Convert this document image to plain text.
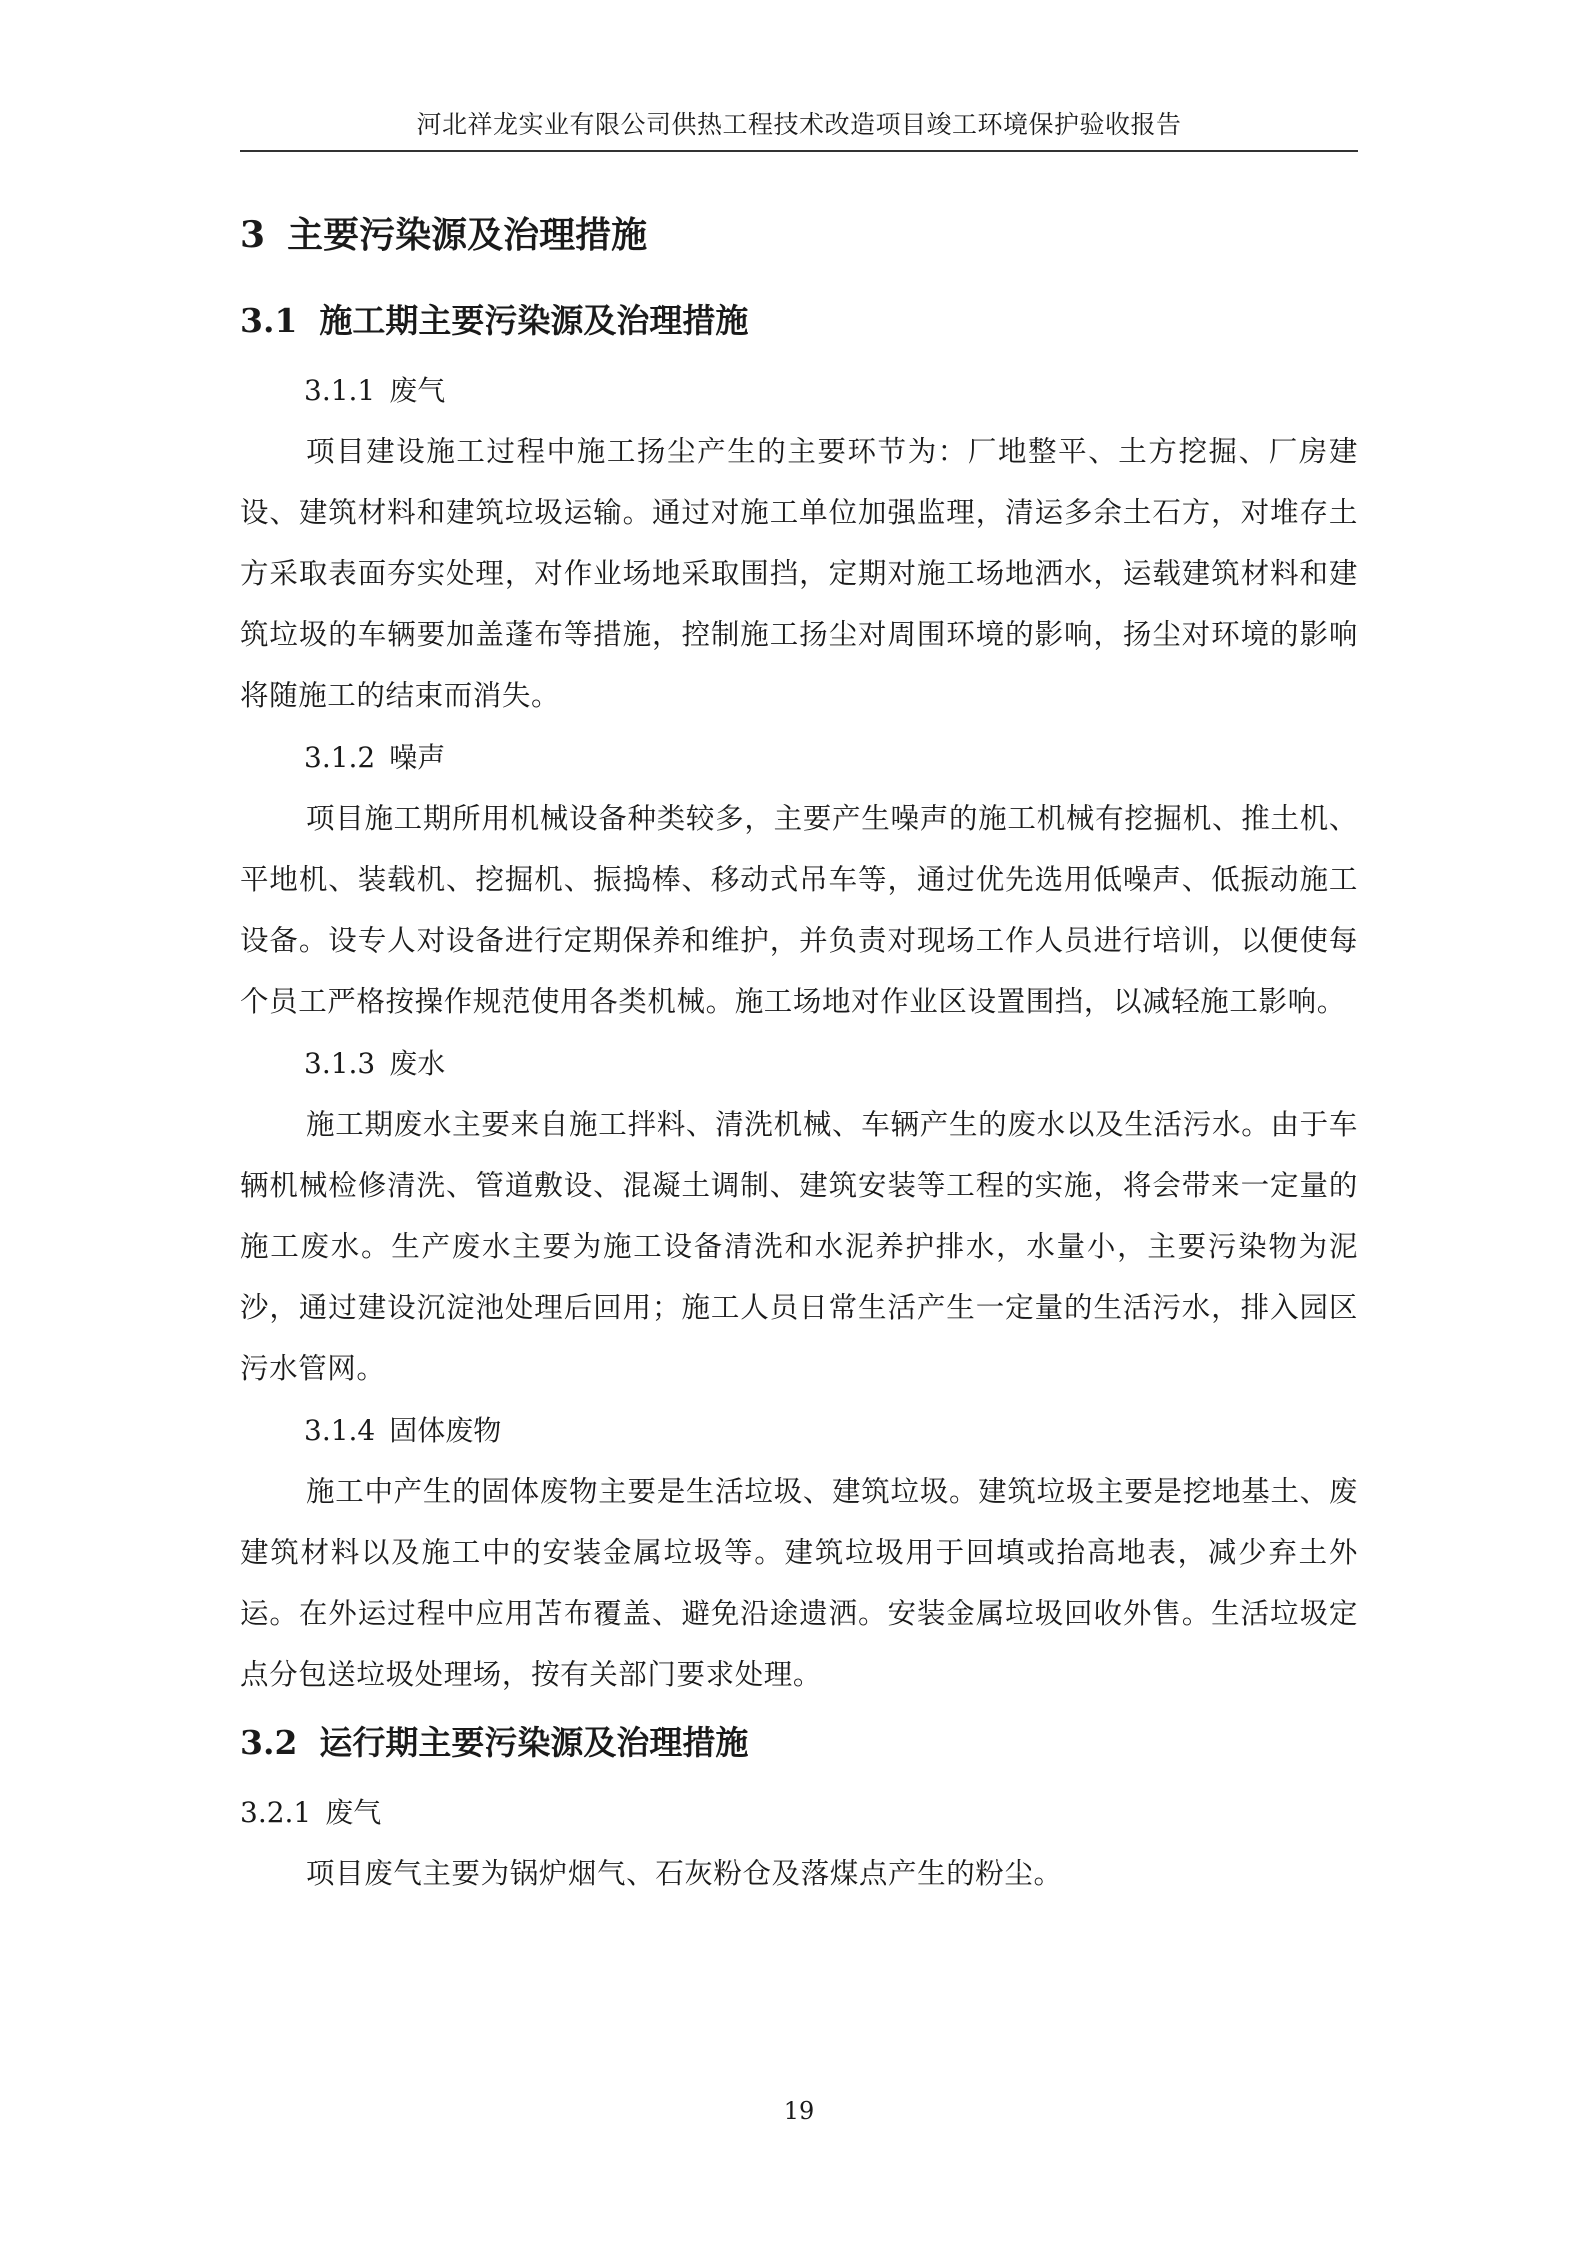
河北祥龙实业有限公司供热工程技术改造项目竣工环境保护验收报告
3 主要污染源及治理措施
3.1 施工期主要污染源及治理措施
3.1.1 废气

项目建设施工过程中施工扬尘产生的主要环节为：厂地整平、土方挖掘、厂房建设、建筑材料和建筑垃圾运输。通过对施工单位加强监理，清运多余土石方，对堆存土方采取表面夯实处理，对作业场地采取围挡，定期对施工场地洒水，运载建筑材料和建筑垃圾的车辆要加盖蓬布等措施，控制施工扬尘对周围环境的影响，扬尘对环境的影响将随施工的结束而消失。

3.1.2 噪声

项目施工期所用机械设备种类较多，主要产生噪声的施工机械有挖掘机、推土机、平地机、装载机、挖掘机、振捣棒、移动式吊车等，通过优先选用低噪声、低振动施工设备。设专人对设备进行定期保养和维护，并负责对现场工作人员进行培训，以便使每个员工严格按操作规范使用各类机械。施工场地对作业区设置围挡，以减轻施工影响。

3.1.3 废水

施工期废水主要来自施工拌料、清洗机械、车辆产生的废水以及生活污水。由于车辆机械检修清洗、管道敷设、混凝土调制、建筑安装等工程的实施，将会带来一定量的施工废水。生产废水主要为施工设备清洗和水泥养护排水，水量小，主要污染物为泥沙，通过建设沉淀池处理后回用；施工人员日常生活产生一定量的生活污水，排入园区污水管网。

3.1.4 固体废物

施工中产生的固体废物主要是生活垃圾、建筑垃圾。建筑垃圾主要是挖地基土、废建筑材料以及施工中的安装金属垃圾等。建筑垃圾用于回填或抬高地表，减少弃土外运。在外运过程中应用苫布覆盖、避免沿途遗洒。安装金属垃圾回收外售。生活垃圾定点分包送垃圾处理场，按有关部门要求处理。

3.2 运行期主要污染源及治理措施
3.2.1 废气

项目废气主要为锅炉烟气、石灰粉仓及落煤点产生的粉尘。

19
